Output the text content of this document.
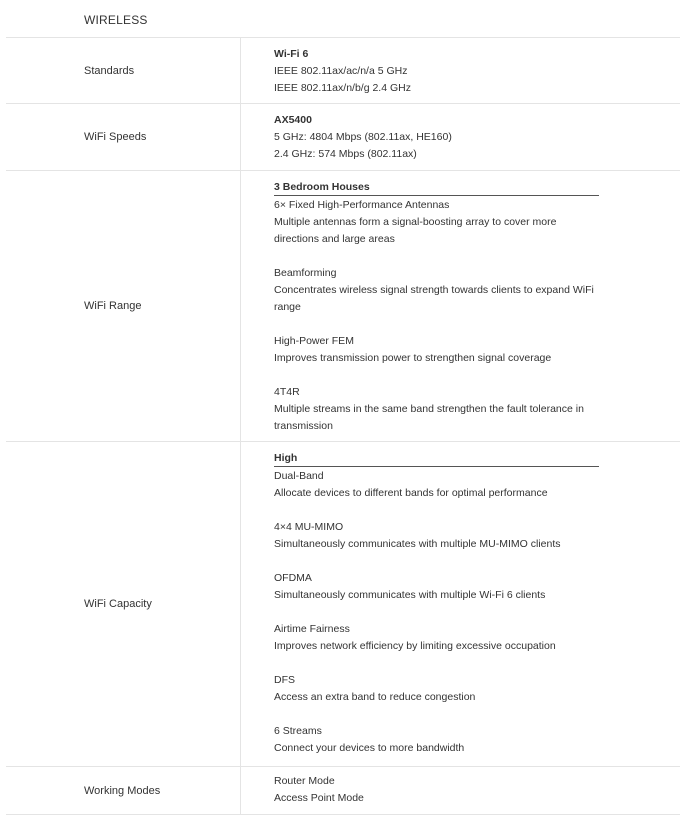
WIRELESS
Standards
Wi-Fi 6
IEEE 802.11ax/ac/n/a 5 GHz
IEEE 802.11ax/n/b/g 2.4 GHz
WiFi Speeds
AX5400
5 GHz: 4804 Mbps (802.11ax, HE160)
2.4 GHz: 574 Mbps (802.11ax)
WiFi Range
3 Bedroom Houses
6× Fixed High-Performance Antennas
Multiple antennas form a signal-boosting array to cover more directions and large areas
Beamforming
Concentrates wireless signal strength towards clients to expand WiFi range
High-Power FEM
Improves transmission power to strengthen signal coverage
4T4R
Multiple streams in the same band strengthen the fault tolerance in transmission
WiFi Capacity
High
Dual-Band
Allocate devices to different bands for optimal performance
4×4 MU-MIMO
Simultaneously communicates with multiple MU-MIMO clients
OFDMA
Simultaneously communicates with multiple Wi-Fi 6 clients
Airtime Fairness
Improves network efficiency by limiting excessive occupation
DFS
Access an extra band to reduce congestion
6 Streams
Connect your devices to more bandwidth
Working Modes
Router Mode
Access Point Mode
